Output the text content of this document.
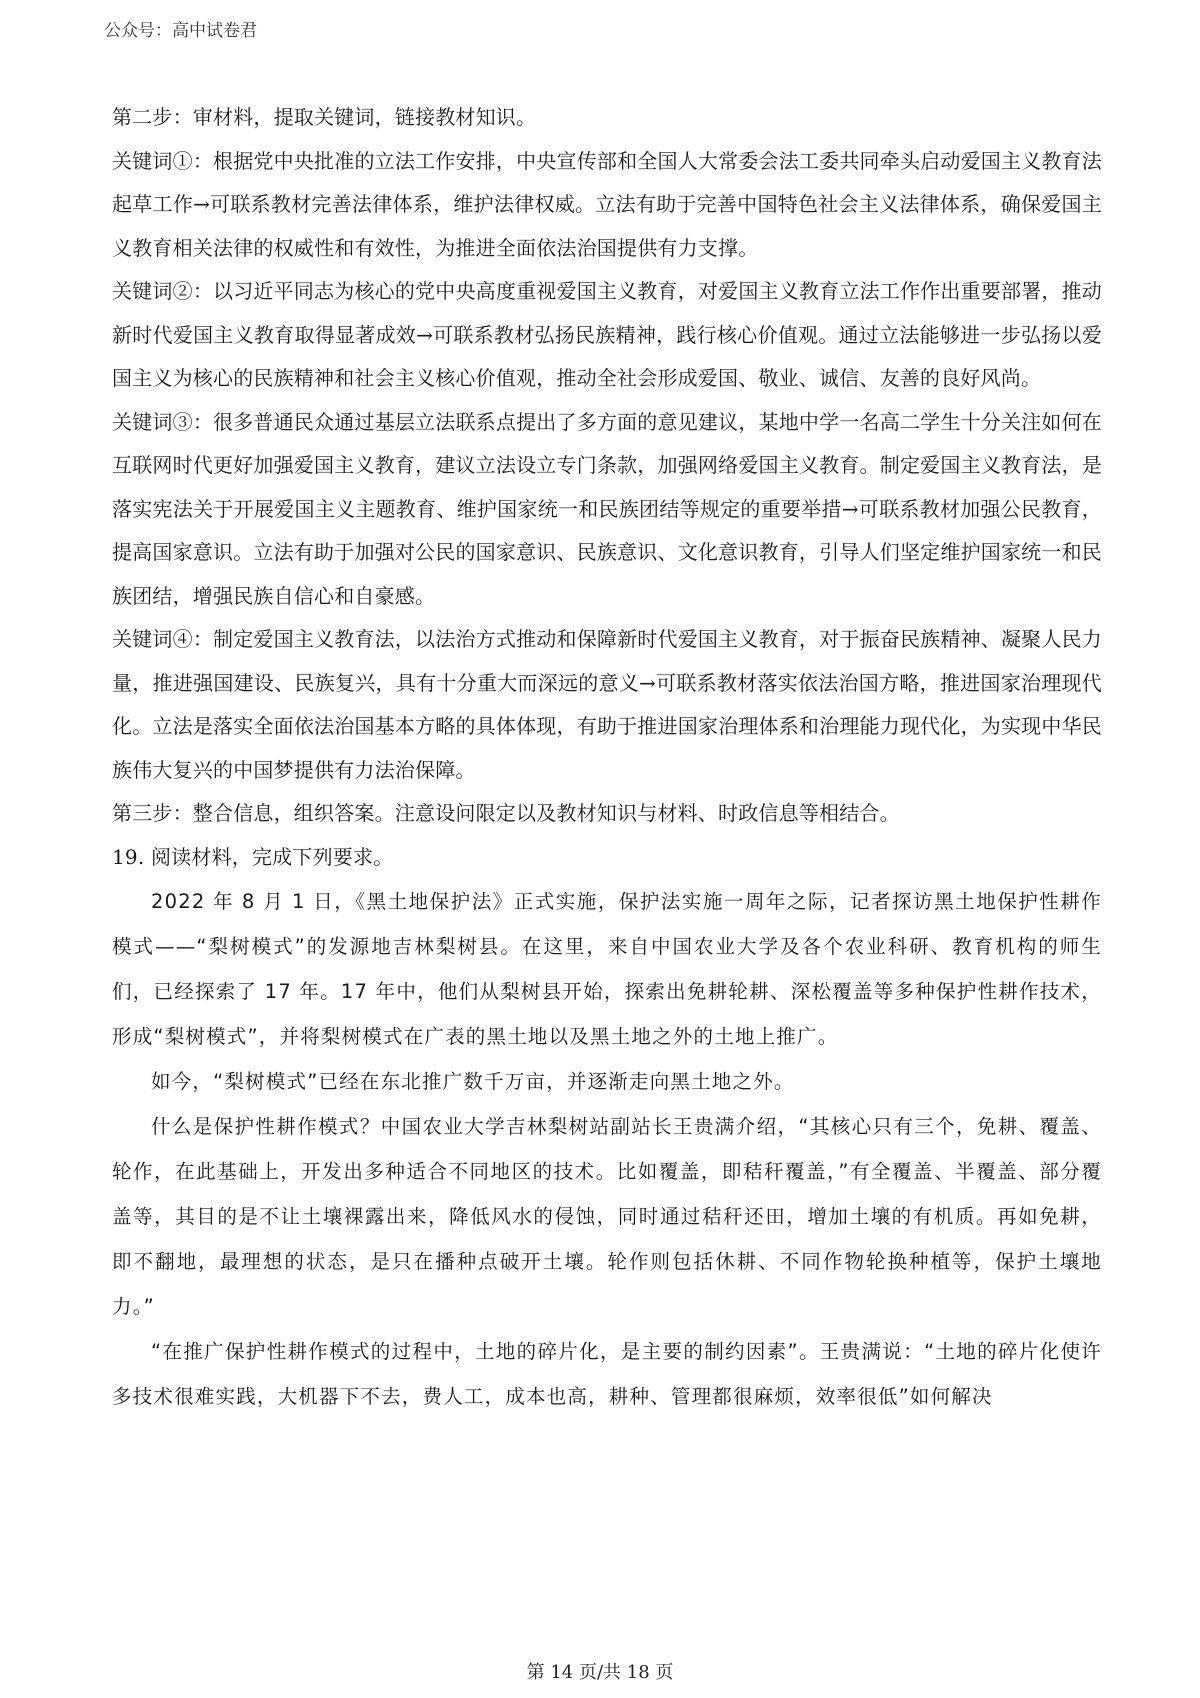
公众号：高中试卷君

第二步：审材料，提取关键词，链接教材知识。

关键词①：根据党中央批准的立法工作安排，中央宣传部和全国人大常委会法工委共同牵头启动爱国主义教育法起草工作→可联系教材完善法律体系，维护法律权威。立法有助于完善中国特色社会主义法律体系，确保爱国主义教育相关法律的权威性和有效性，为推进全面依法治国提供有力支撑。

关键词②：以习近平同志为核心的党中央高度重视爱国主义教育，对爱国主义教育立法工作作出重要部署，推动新时代爱国主义教育取得显著成效→可联系教材弘扬民族精神，践行核心价值观。通过立法能够进一步弘扬以爱国主义为核心的民族精神和社会主义核心价值观，推动全社会形成爱国、敬业、诚信、友善的良好风尚。

关键词③：很多普通民众通过基层立法联系点提出了多方面的意见建议，某地中学一名高二学生十分关注如何在互联网时代更好加强爱国主义教育，建议立法设立专门条款，加强网络爱国主义教育。制定爱国主义教育法，是落实宪法关于开展爱国主义主题教育、维护国家统一和民族团结等规定的重要举措→可联系教材加强公民教育，提高国家意识。立法有助于加强对公民的国家意识、民族意识、文化意识教育，引导人们坚定维护国家统一和民族团结，增强民族自信心和自豪感。

关键词④：制定爱国主义教育法，以法治方式推动和保障新时代爱国主义教育，对于振奋民族精神、凝聚人民力量，推进强国建设、民族复兴，具有十分重大而深远的意义→可联系教材落实依法治国方略，推进国家治理现代化。立法是落实全面依法治国基本方略的具体体现，有助于推进国家治理体系和治理能力现代化，为实现中华民族伟大复兴的中国梦提供有力法治保障。

第三步：整合信息，组织答案。注意设问限定以及教材知识与材料、时政信息等相结合。

19. 阅读材料，完成下列要求。

2022 年 8 月 1 日，《黑土地保护法》正式实施，保护法实施一周年之际，记者探访黑土地保护性耕作模式——“梨树模式”的发源地吉林梨树县。在这里，来自中国农业大学及各个农业科研、教育机构的师生们，已经探索了 17 年。17 年中，他们从梨树县开始，探索出免耕轮耕、深松覆盖等多种保护性耕作技术，形成“梨树模式”，并将梨树模式在广表的黑土地以及黑土地之外的土地上推广。

如今，“梨树模式”已经在东北推广数千万亩，并逐渐走向黑土地之外。

什么是保护性耕作模式？中国农业大学吉林梨树站副站长王贵满介绍，“其核心只有三个，免耕、覆盖、轮作，在此基础上，开发出多种适合不同地区的技术。比如覆盖，即秸秆覆盖，”有全覆盖、半覆盖、部分覆盖等，其目的是不让土壤裸露出来，降低风水的侵蚀，同时通过秸秆还田，增加土壤的有机质。再如免耕，即不翻地，最理想的状态，是只在播种点破开土壤。轮作则包括休耕、不同作物轮换种植等，保护土壤地力。”

“在推广保护性耕作模式的过程中，土地的碎片化，是主要的制约因素”。王贵满说：“土地的碎片化使许多技术很难实践，大机器下不去，费人工，成本也高，耕种、管理都很麻烦，效率很低”如何解决

第 14 页/共 18 页
